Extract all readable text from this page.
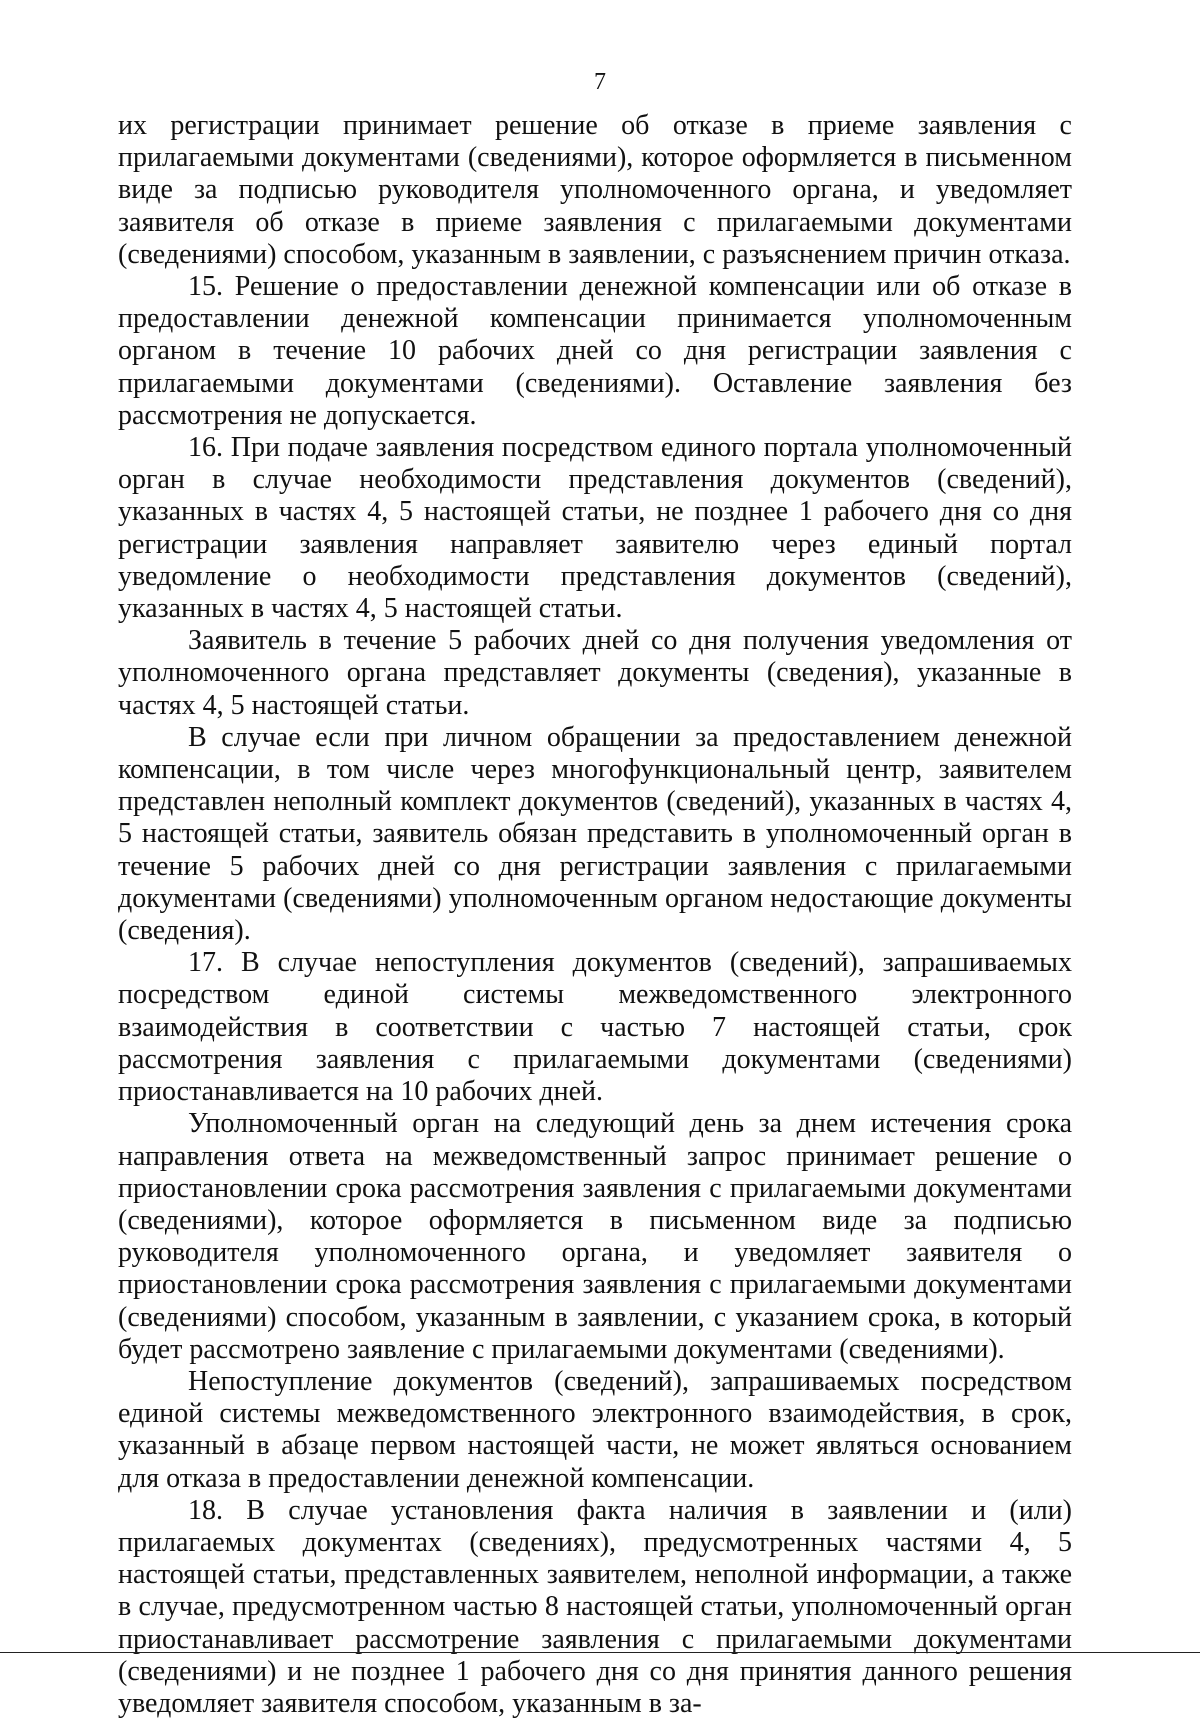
7

их регистрации принимает решение об отказе в приеме заявления с прилагаемыми документами (сведениями), которое оформляется в письменном виде за подписью руководителя уполномоченного органа, и уведомляет заявителя об отказе в приеме заявления с прилагаемыми документами (сведениями) способом, указанным в заявлении, с разъяснением причин отказа.

15. Решение о предоставлении денежной компенсации или об отказе в предоставлении денежной компенсации принимается уполномоченным органом в течение 10 рабочих дней со дня регистрации заявления с прилагаемыми документами (сведениями). Оставление заявления без рассмотрения не допускается.

16. При подаче заявления посредством единого портала уполномоченный орган в случае необходимости представления документов (сведений), указанных в частях 4, 5 настоящей статьи, не позднее 1 рабочего дня со дня регистрации заявления направляет заявителю через единый портал уведомление о необходимости представления документов (сведений), указанных в частях 4, 5 настоящей статьи.

Заявитель в течение 5 рабочих дней со дня получения уведомления от уполномоченного органа представляет документы (сведения), указанные в частях 4, 5 настоящей статьи.

В случае если при личном обращении за предоставлением денежной компенсации, в том числе через многофункциональный центр, заявителем представлен неполный комплект документов (сведений), указанных в частях 4, 5 настоящей статьи, заявитель обязан представить в уполномоченный орган в течение 5 рабочих дней со дня регистрации заявления с прилагаемыми документами (сведениями) уполномоченным органом недостающие документы (сведения).

17. В случае непоступления документов (сведений), запрашиваемых посредством единой системы межведомственного электронного взаимодействия в соответствии с частью 7 настоящей статьи, срок рассмотрения заявления с прилагаемыми документами (сведениями) приостанавливается на 10 рабочих дней.

Уполномоченный орган на следующий день за днем истечения срока направления ответа на межведомственный запрос принимает решение о приостановлении срока рассмотрения заявления с прилагаемыми документами (сведениями), которое оформляется в письменном виде за подписью руководителя уполномоченного органа, и уведомляет заявителя о приостановлении срока рассмотрения заявления с прилагаемыми документами (сведениями) способом, указанным в заявлении, с указанием срока, в который будет рассмотрено заявление с прилагаемыми документами (сведениями).

Непоступление документов (сведений), запрашиваемых посредством единой системы межведомственного электронного взаимодействия, в срок, указанный в абзаце первом настоящей части, не может являться основанием для отказа в предоставлении денежной компенсации.

18. В случае установления факта наличия в заявлении и (или) прилагаемых документах (сведениях), предусмотренных частями 4, 5 настоящей статьи, представленных заявителем, неполной информации, а также в случае, предусмотренном частью 8 настоящей статьи, уполномоченный орган приостанавливает рассмотрение заявления с прилагаемыми документами (сведениями) и не позднее 1 рабочего дня со дня принятия данного решения уведомляет заявителя способом, указанным в за-
